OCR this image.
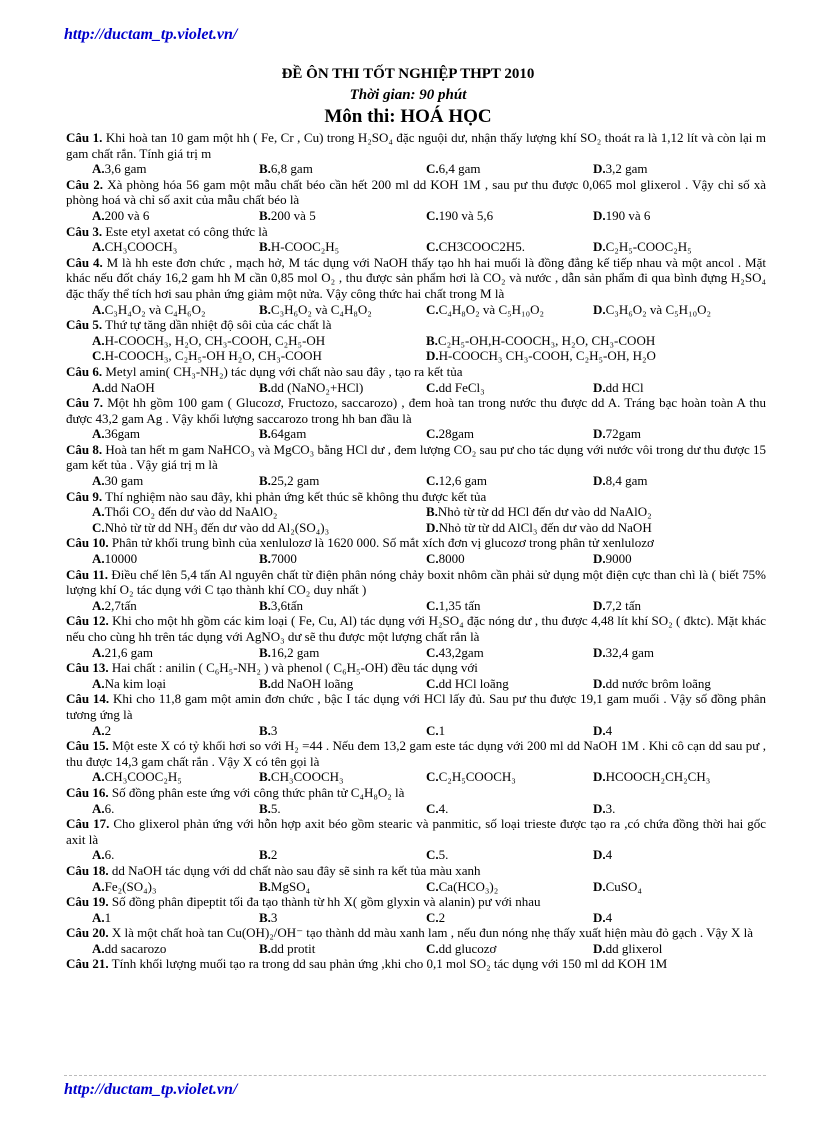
http://ductam_tp.violet.vn/
ĐỀ ÔN THI TỐT NGHIỆP THPT 2010
Thời gian: 90 phút
Môn thi: HOÁ HỌC

Câu 1. Khi hoà tan 10 gam một hh ( Fe, Cr , Cu) trong H₂SO₄ đặc nguội dư, nhận thấy lượng khí SO₂ thoát ra là 1,12 lít và còn lại m gam chất rắn. Tính giá trị m

A.3,6 gam	B.6,8 gam	C.6,4 gam	D.3,2 gam

Câu 2. Xà phòng hóa 56 gam một mẫu chất béo cần hết 200 ml dd KOH 1M , sau pư thu được 0,065 mol glixerol . Vậy chỉ số xà phòng hoá và chỉ số axit của mẫu chất béo là

A.200 và 6	B.200 và 5	C.190 và 5,6	D.190 và 6

Câu 3. Este etyl axetat có công thức là

A.CH₃COOCH₃	B.H-COOC₂H₅	C.CH3COOC2H5.	D.C₂H₅-COOC₂H₅

Câu 4. M là hh este đơn chức , mạch hở, M tác dụng với NaOH thấy tạo hh hai muối là đồng đẳng kế tiếp nhau và một ancol . Mặt khác nếu đốt cháy 16,2 gam hh M cần 0,85 mol O₂ , thu được sản phẩm hơi là CO₂ và nước , dẫn sản phẩm đi qua bình đựng H₂SO₄ đặc thấy thể tích hơi sau phản ứng giảm một nửa. Vậy công thức hai chất trong M là

A.C₃H₄O₂ và C₄H₆O₂	B.C₃H₆O₂ và C₄H₈O₂	C.C₄H₈O₂ và C₅H₁₀O₂	D.C₃H₆O₂ và C₅H₁₀O₂

Câu 5. Thứ tự tăng dần nhiệt độ sôi của các chất là

A.H-COOCH₃, H₂O, CH₃-COOH, C₂H₅-OH	B.C₂H₅-OH,H-COOCH₃, H₂O, CH₃-COOH
C.H-COOCH₃, C₂H₅-OH H₂O, CH₃-COOH	D.H-COOCH₃ CH₃-COOH, C₂H₅-OH, H₂O

Câu 6. Metyl amin( CH₃-NH₂) tác dụng với chất nào sau đây , tạo ra kết tủa

A.dd NaOH	B.dd (NaNO₂+HCl)	C.dd FeCl₃	D.dd HCl

Câu 7. Một hh gồm 100 gam ( Glucozơ, Fructozo, saccarozo) , đem hoà tan trong nước thu được dd A. Tráng bạc hoàn toàn A thu được 43,2 gam Ag . Vậy khối lượng saccarozo trong hh ban đầu là

A.36gam	B.64gam	C.28gam	D.72gam

Câu 8. Hoà tan hết m gam NaHCO₃ và MgCO₃ bằng HCl dư , đem lượng CO₂ sau pư cho tác dụng với nước vôi trong dư thu được 15 gam kết tủa . Vậy giá trị m là

A.30 gam	B.25,2 gam	C.12,6 gam	D.8,4 gam

Câu 9. Thí nghiệm nào sau đây, khi phản ứng kết thúc sẽ không thu được kết tủa

A.Thổi CO₂ đến dư vào dd NaAlO₂	B.Nhỏ từ từ dd HCl đến dư vào dd NaAlO₂
C.Nhỏ từ từ dd NH₃ đến dư vào dd Al₂(SO₄)₃	D.Nhỏ từ từ dd AlCl₃ đến dư vào dd NaOH

Câu 10. Phân tử khối trung bình của xenlulozơ là 1620 000. Số mắt xích đơn vị glucozơ trong phân tử xenlulozơ

A.10000	B.7000	C.8000	D.9000

Câu 11. Điều chế lên 5,4 tấn Al nguyên chất từ điện phân nóng chảy boxit nhôm cần phải sử dụng một điện cực than chì là ( biết 75% lượng khí O₂ tác dụng với C tạo thành khí CO₂ duy nhất )

A.2,7tấn	B.3,6tấn	C.1,35 tấn	D.7,2 tấn

Câu 12. Khi cho một hh gồm các kim loại ( Fe, Cu, Al) tác dụng với H₂SO₄ đặc nóng dư , thu được 4,48 lít khí SO₂ ( đktc). Mặt khác nếu cho cùng hh trên tác dụng với AgNO₃ dư sẽ thu được một lượng chất rắn là

A.21,6 gam	B.16,2 gam	C.43,2gam	D.32,4 gam

Câu 13. Hai chất : anilin ( C₆H₅-NH₂ ) và phenol ( C₆H₅-OH) đều tác dụng với

A.Na kim loại	B.dd NaOH loãng	C.dd HCl loãng	D.dd nước brôm loãng

Câu 14. Khi cho 11,8 gam một amin đơn chức , bậc I tác dụng với HCl lấy đủ. Sau pư thu được 19,1 gam muối . Vậy số đồng phân tương ứng là

A.2	B.3	C.1	D.4

Câu 15. Một este X có tỷ khối hơi so với H₂ =44 . Nếu đem 13,2 gam este tác dụng với 200 ml dd NaOH 1M . Khi cô cạn dd sau pư , thu được 14,3 gam chất rắn . Vậy X có tên gọi là

A.CH₃COOC₂H₅	B.CH₃COOCH₃	C.C₂H₅COOCH₃	D.HCOOCH₂CH₂CH₃

Câu 16. Số đồng phân este ứng với công thức phân tử C₄H₈O₂ là

A.6.	B.5.	C.4.	D.3.

Câu 17. Cho glixerol phản ứng với hỗn hợp axit béo gồm stearic và panmitic, số loại trieste được tạo ra ,có chứa đồng thời hai gốc axit là

A.6.	B.2	C.5.	D.4

Câu 18. dd NaOH tác dụng với dd chất nào sau đây sẽ sinh ra kết tủa màu xanh

A.Fe₂(SO₄)₃	B.MgSO₄	C.Ca(HCO₃)₂	D.CuSO₄

Câu 19. Số đồng phân đipeptit tối đa tạo thành từ hh X( gồm glyxin và alanin) pư với nhau

A.1	B.3	C.2	D.4

Câu 20. X là một chất hoà tan Cu(OH)₂/OH⁻ tạo thành dd màu xanh lam , nếu đun nóng nhẹ thấy xuất hiện màu đỏ gạch . Vậy X là

A.dd sacarozo	B.dd protit	C.dd glucozơ	D.dd glixerol

Câu 21. Tính khối lượng muối tạo ra trong dd sau phản ứng ,khi cho 0,1 mol SO₂ tác dụng với 150 ml dd KOH 1M

http://ductam_tp.violet.vn/
